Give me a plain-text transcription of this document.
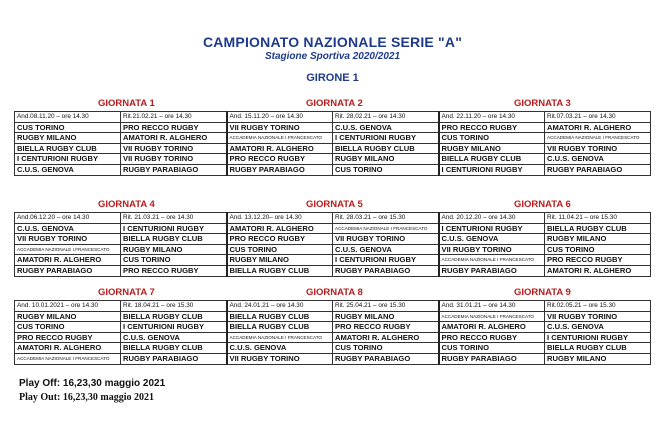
CAMPIONATO NAZIONALE SERIE "A"
Stagione Sportiva 2020/2021
GIRONE 1
GIORNATA 1	GIORNATA 2	GIORNATA 3
And.08.11.20 – ore 14.30	Rit.21.02.21 – ore 14.30	And. 15.11.20 – ore 14.30	Rit. 28.02.21 – ore 14.30	And. 22.11.20 – ore 14.30	Rit.07.03.21 – ore 14.30
CUS TORINO	PRO RECCO RUGBY	VII RUGBY TORINO	C.U.S. GENOVA	PRO RECCO RUGBY	AMATORI R. ALGHERO
RUGBY MILANO	AMATORI R. ALGHERO	ACCADEMIA NAZIONALE I.FRANCESCATO	I CENTURIONI RUGBY	CUS TORINO	ACCADEMIA NAZIONALE I FRANCESCATO
BIELLA RUGBY CLUB	VII RUGBY TORINO	AMATORI R. ALGHERO	BIELLA RUGBY CLUB	RUGBY MILANO	VII RUGBY TORINO
I CENTURIONI RUGBY	VII RUGBY TORINO	PRO RECCO RUGBY	RUGBY MILANO	BIELLA RUGBY CLUB	C.U.S. GENOVA
C.U.S. GENOVA	RUGBY PARABIAGO	RUGBY PARABIAGO	CUS TORINO	I CENTURIONI RUGBY	RUGBY PARABIAGO
GIORNATA 4	GIORNATA 5	GIORNATA 6
And.06.12.20 – ore 14.30	Rit. 21.03.21 – ore 14.30	And. 13.12.20– ore 14.30	Rit. 28.03.21 – ore 15.30	And. 20.12.20 – ore 14.30	Rit. 11.04.21 – ore 15.30
C.U.S. GENOVA	I CENTURIONI RUGBY	AMATORI R. ALGHERO	ACCADEMIA NAZIONALE I FRANCESCATO	I CENTURIONI RUGBY	BIELLA RUGBY CLUB
VII RUGBY TORINO	BIELLA RUGBY CLUB	PRO RECCO RUGBY	VII RUGBY TORINO	C.U.S. GENOVA	RUGBY MILANO
ACCADEMIA NAZIONALE I.FRANCESCATO	RUGBY MILANO	CUS TORINO	C.U.S. GENOVA	VII RUGBY TORINO	CUS TORINO
AMATORI R. ALGHERO	CUS TORINO	RUGBY MILANO	I CENTURIONI RUGBY	ACCADEMIA NAZIONALE I FRANCESCATO	PRO RECCO RUGBY
RUGBY PARABIAGO	PRO RECCO RUGBY	BIELLA RUGBY CLUB	RUGBY PARABIAGO	RUGBY PARABIAGO	AMATORI R. ALGHERO
GIORNATA 7	GIORNATA 8	GIORNATA 9
And. 10.01.2021 – ore 14.30	Rit. 18.04.21 – ore 15.30	And. 24.01.21 – ore 14.30	Rit. 25.04.21 – ore 15.30	And. 31.01.21 – ore 14.30	Rit.02.05.21 – ore 15.30
RUGBY MILANO	BIELLA RUGBY CLUB	BIELLA RUGBY CLUB	RUGBY MILANO	ACCADEMIA NAZIONALE I FRANCESCATO	VII RUGBY TORINO
CUS TORINO	I CENTURIONI RUGBY	BIELLA RUGBY CLUB	PRO RECCO RUGBY	AMATORI R. ALGHERO	C.U.S. GENOVA
PRO RECCO RUGBY	C.U.S. GENOVA	ACCADEMIA NAZIONALE I FRANCESCATO	AMATORI R. ALGHERO	PRO RECCO RUGBY	I CENTURIONI RUGBY
AMATORI R. ALGHERO	BIELLA RUGBY CLUB	C.U.S. GENOVA	CUS TORINO	CUS TORINO	BIELLA RUGBY CLUB
ACCADEMIA NAZIONALE I FRANCESCATO	RUGBY PARABIAGO	VII RUGBY TORINO	RUGBY PARABIAGO	RUGBY PARABIAGO	RUGBY MILANO
Play Off: 16,23,30 maggio 2021
Play Out: 16,23,30 maggio 2021
